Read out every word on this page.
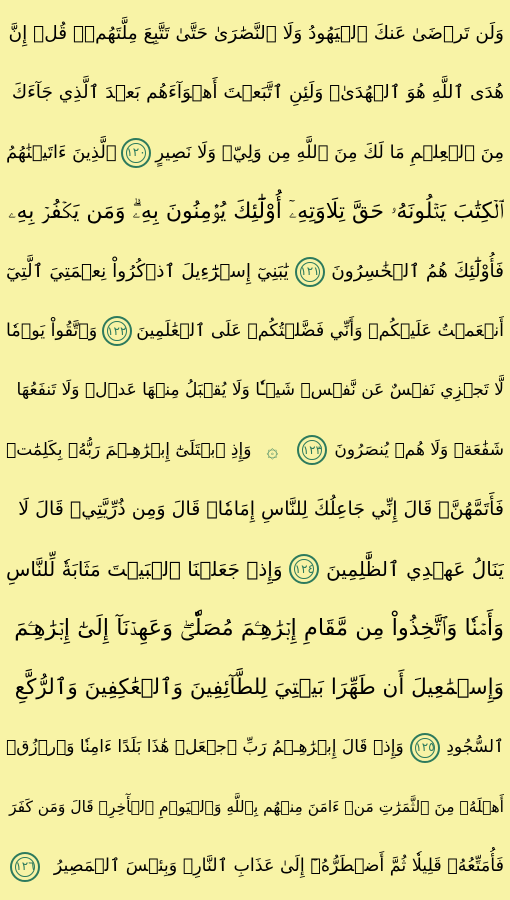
وَلَن تَرۡضَىٰ عَنكَ ٱلۡيَهُودُ وَلَا ٱلنَّصَٰرَىٰ حَتَّىٰ تَتَّبِعَ مِلَّتَهُمۡۗ قُلۡ إِنَّ
هُدَى ٱللَّهِ هُوَ ٱلۡهُدَىٰۗ وَلَئِنِ ٱتَّبَعۡتَ أَهۡوَآءَهُم بَعۡدَ ٱلَّذِي جَآءَكَ
مِنَ ٱلۡعِلۡمِ مَا لَكَ مِنَ ٱللَّهِ مِن وَلِيّٖ وَلَا نَصِيرٍ
١٢٠
ٱلَّذِينَ ءَاتَيۡنَٰهُمُ
ٱلۡكِتَٰبَ يَتۡلُونَهُۥ حَقَّ تِلَاوَتِهِۦٓ أُوْلَٰٓئِكَ يُؤۡمِنُونَ بِهِۦۗ وَمَن يَكۡفُرۡ بِهِۦ
فَأُوْلَٰٓئِكَ هُمُ ٱلۡخَٰسِرُونَ
١٢١
يَٰبَنِيٓ إِسۡرَٰٓءِيلَ ٱذۡكُرُواْ نِعۡمَتِيَ ٱلَّتِيٓ
أَنۡعَمۡتُ عَلَيۡكُمۡ وَأَنِّي فَضَّلۡتُكُمۡ عَلَى ٱلۡعَٰلَمِينَ
١٢٢
وَٱتَّقُواْ يَوۡمٗا
لَّا تَجۡزِي نَفۡسٌ عَن نَّفۡسٖ شَيۡـٔٗا وَلَا يُقۡبَلُ مِنۡهَا عَدۡلٞ وَلَا تَنفَعُهَا
شَفَٰعَةٞ وَلَا هُمۡ يُنصَرُونَ
١٢٣
۞
وَإِذِ ٱبۡتَلَىٰٓ إِبۡرَٰهِـۧمَ رَبُّهُۥ بِكَلِمَٰتٖ
فَأَتَمَّهُنَّۖ قَالَ إِنِّي جَاعِلُكَ لِلنَّاسِ إِمَامٗاۖ قَالَ وَمِن ذُرِّيَّتِيۖ قَالَ لَا
يَنَالُ عَهۡدِي ٱلظَّٰلِمِينَ
١٢٤
وَإِذۡ جَعَلۡنَا ٱلۡبَيۡتَ مَثَابَةٗ لِّلنَّاسِ
وَأَمۡنٗا وَٱتَّخِذُواْ مِن مَّقَامِ إِبۡرَٰهِـۧمَ مُصَلّٗىۖ وَعَهِدۡنَآ إِلَىٰٓ إِبۡرَٰهِـۧمَ
وَإِسۡمَٰعِيلَ أَن طَهِّرَا بَيۡتِيَ لِلطَّآئِفِينَ وَٱلۡعَٰكِفِينَ وَٱلرُّكَّعِ
ٱلسُّجُودِ
١٢٥
وَإِذۡ قَالَ إِبۡرَٰهِـۧمُ رَبِّ ٱجۡعَلۡ هَٰذَا بَلَدًا ءَامِنٗا وَٱرۡزُقۡ
أَهۡلَهُۥ مِنَ ٱلثَّمَرَٰتِ مَنۡ ءَامَنَ مِنۡهُم بِٱللَّهِ وَٱلۡيَوۡمِ ٱلۡأٓخِرِۚ قَالَ وَمَن كَفَرَ
فَأُمَتِّعُهُۥ قَلِيلٗا ثُمَّ أَضۡطَرُّهُۥٓ إِلَىٰ عَذَابِ ٱلنَّارِۖ وَبِئۡسَ ٱلۡمَصِيرُ
١٢٦
